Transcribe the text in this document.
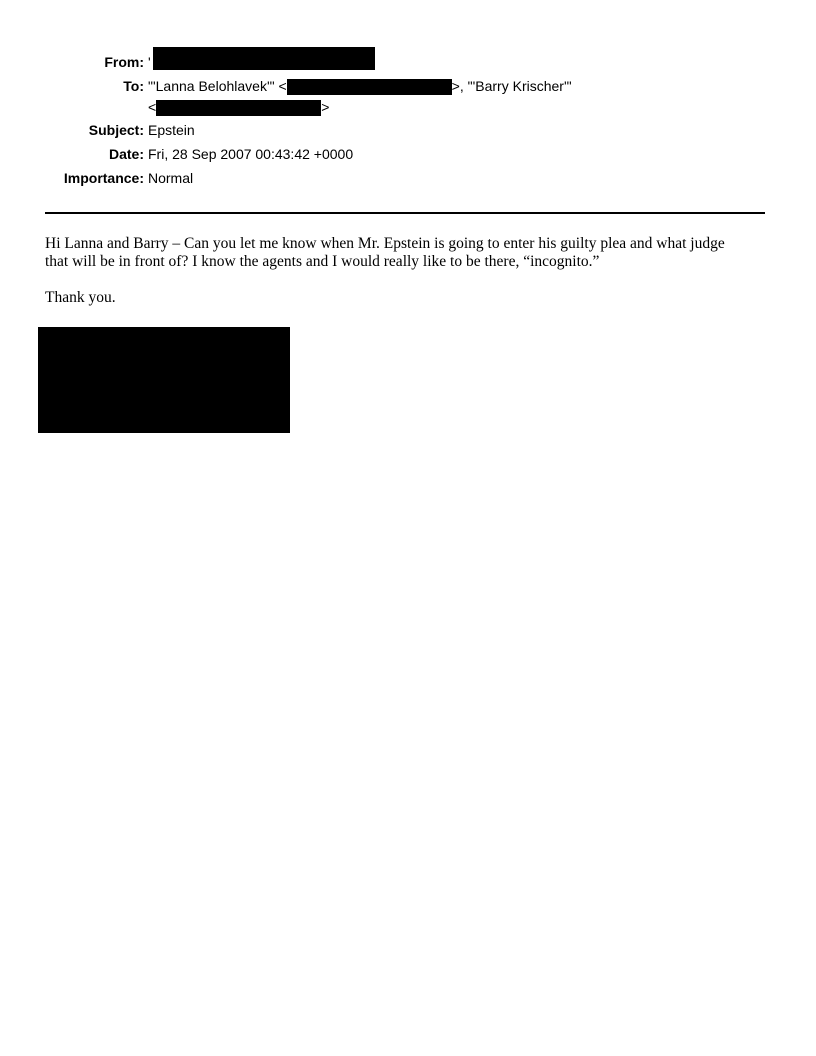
From: '
To: "'Lanna Belohlavek'" <	>, "'Barry Krischer'"
<	>
Subject: Epstein
Date: Fri, 28 Sep 2007 00:43:42 +0000
Importance: Normal
Hi Lanna and Barry – Can you let me know when Mr. Epstein is going to enter his guilty plea and what judge
that will be in front of? I know the agents and I would really like to be there, “incognito.”
Thank you.
